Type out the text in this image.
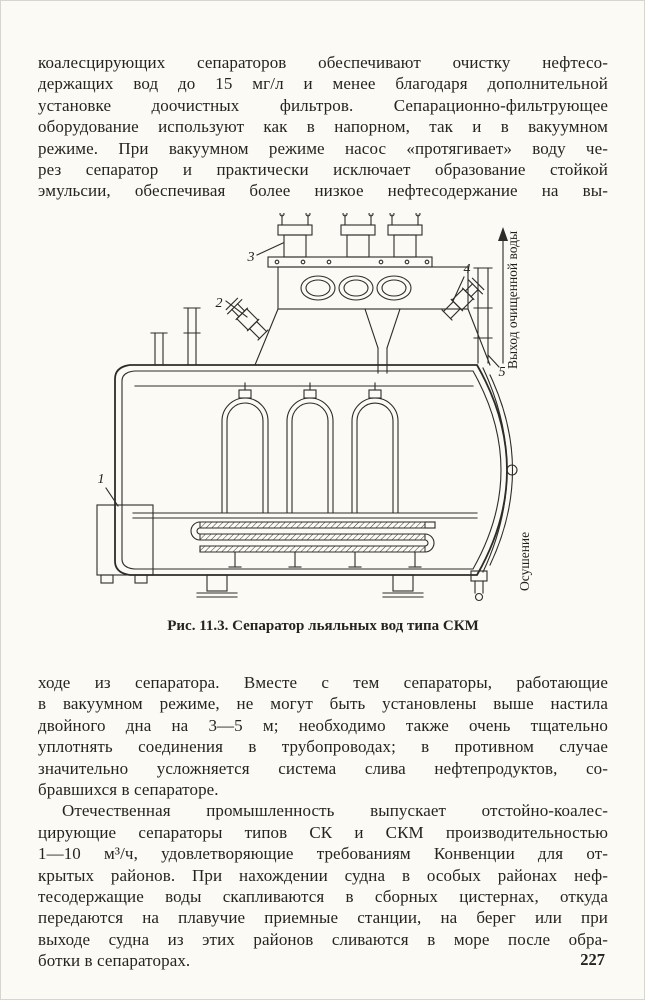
коалесцирующих сепараторов обеспечивают очистку нефтесо-
держащих вод до 15 мг/л и менее благодаря дополнительной
установке доочистных фильтров. Сепарационно-фильтрующее
оборудование используют как в напорном, так и в вакуумном
режиме. При вакуумном режиме насос «протягивает» воду че-
рез сепаратор и практически исключает образование стойкой
эмульсии, обеспечивая более низкое нефтесодержание на вы-
3
2
4
5
1
Выход очищенной воды
Осушение
Рис. 11.3. Сепаратор льяльных вод типа СКМ
ходе из сепаратора. Вместе с тем сепараторы, работающие
в вакуумном режиме, не могут быть установлены выше настила
двойного дна на 3—5 м; необходимо также очень тщательно
уплотнять соединения в трубопроводах; в противном случае
значительно усложняется система слива нефтепродуктов, со-
бравшихся в сепараторе.
Отечественная промышленность выпускает отстойно-коалес-
цирующие сепараторы типов СК и СКМ производительностью
1—10 м³/ч, удовлетворяющие требованиям Конвенции для от-
крытых районов. При нахождении судна в особых районах неф-
тесодержащие воды скапливаются в сборных цистернах, откуда
передаются на плавучие приемные станции, на берег или при
выходе судна из этих районов сливаются в море после обра-
ботки в сепараторах.	227
